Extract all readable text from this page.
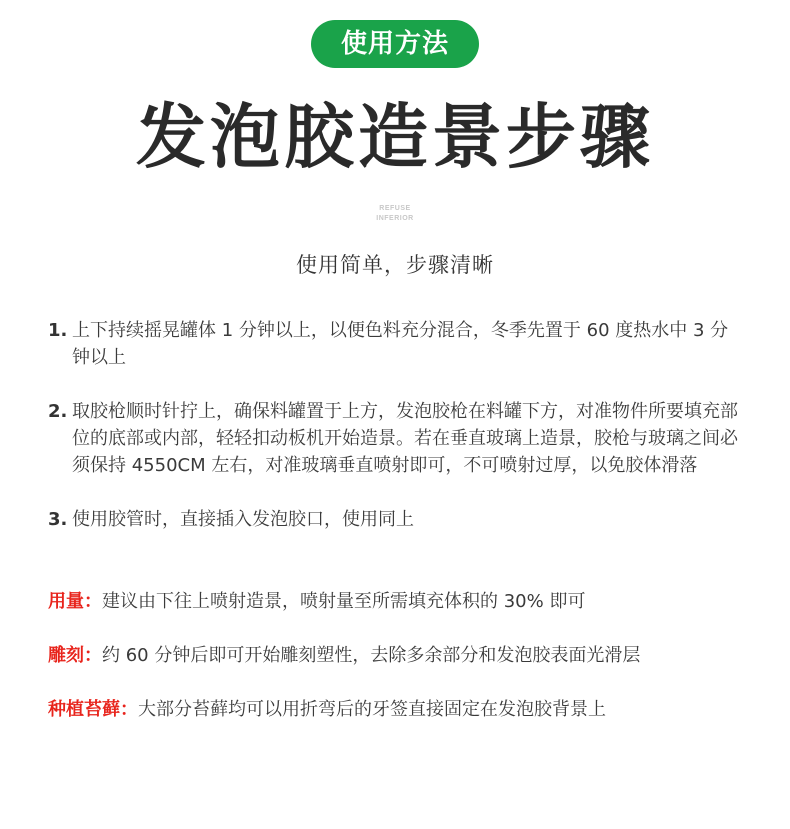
使用方法
发泡胶造景步骤
REFUSE
INFERIOR
使用简单，步骤清晰
1. 上下持续摇晃罐体 1 分钟以上，以便色料充分混合，冬季先置于 60 度热水中 3 分钟以上
2. 取胶枪顺时针拧上，确保料罐置于上方，发泡胶枪在料罐下方，对准物件所要填充部位的底部或内部，轻轻扣动板机开始造景。若在垂直玻璃上造景，胶枪与玻璃之间必须保持 4550CM 左右，对准玻璃垂直喷射即可，不可喷射过厚，以免胶体滑落
3. 使用胶管时，直接插入发泡胶口，使用同上
用量：建议由下往上喷射造景，喷射量至所需填充体积的 30% 即可
雕刻：约 60 分钟后即可开始雕刻塑性，去除多余部分和发泡胶表面光滑层
种植苔藓：大部分苔藓均可以用折弯后的牙签直接固定在发泡胶背景上
